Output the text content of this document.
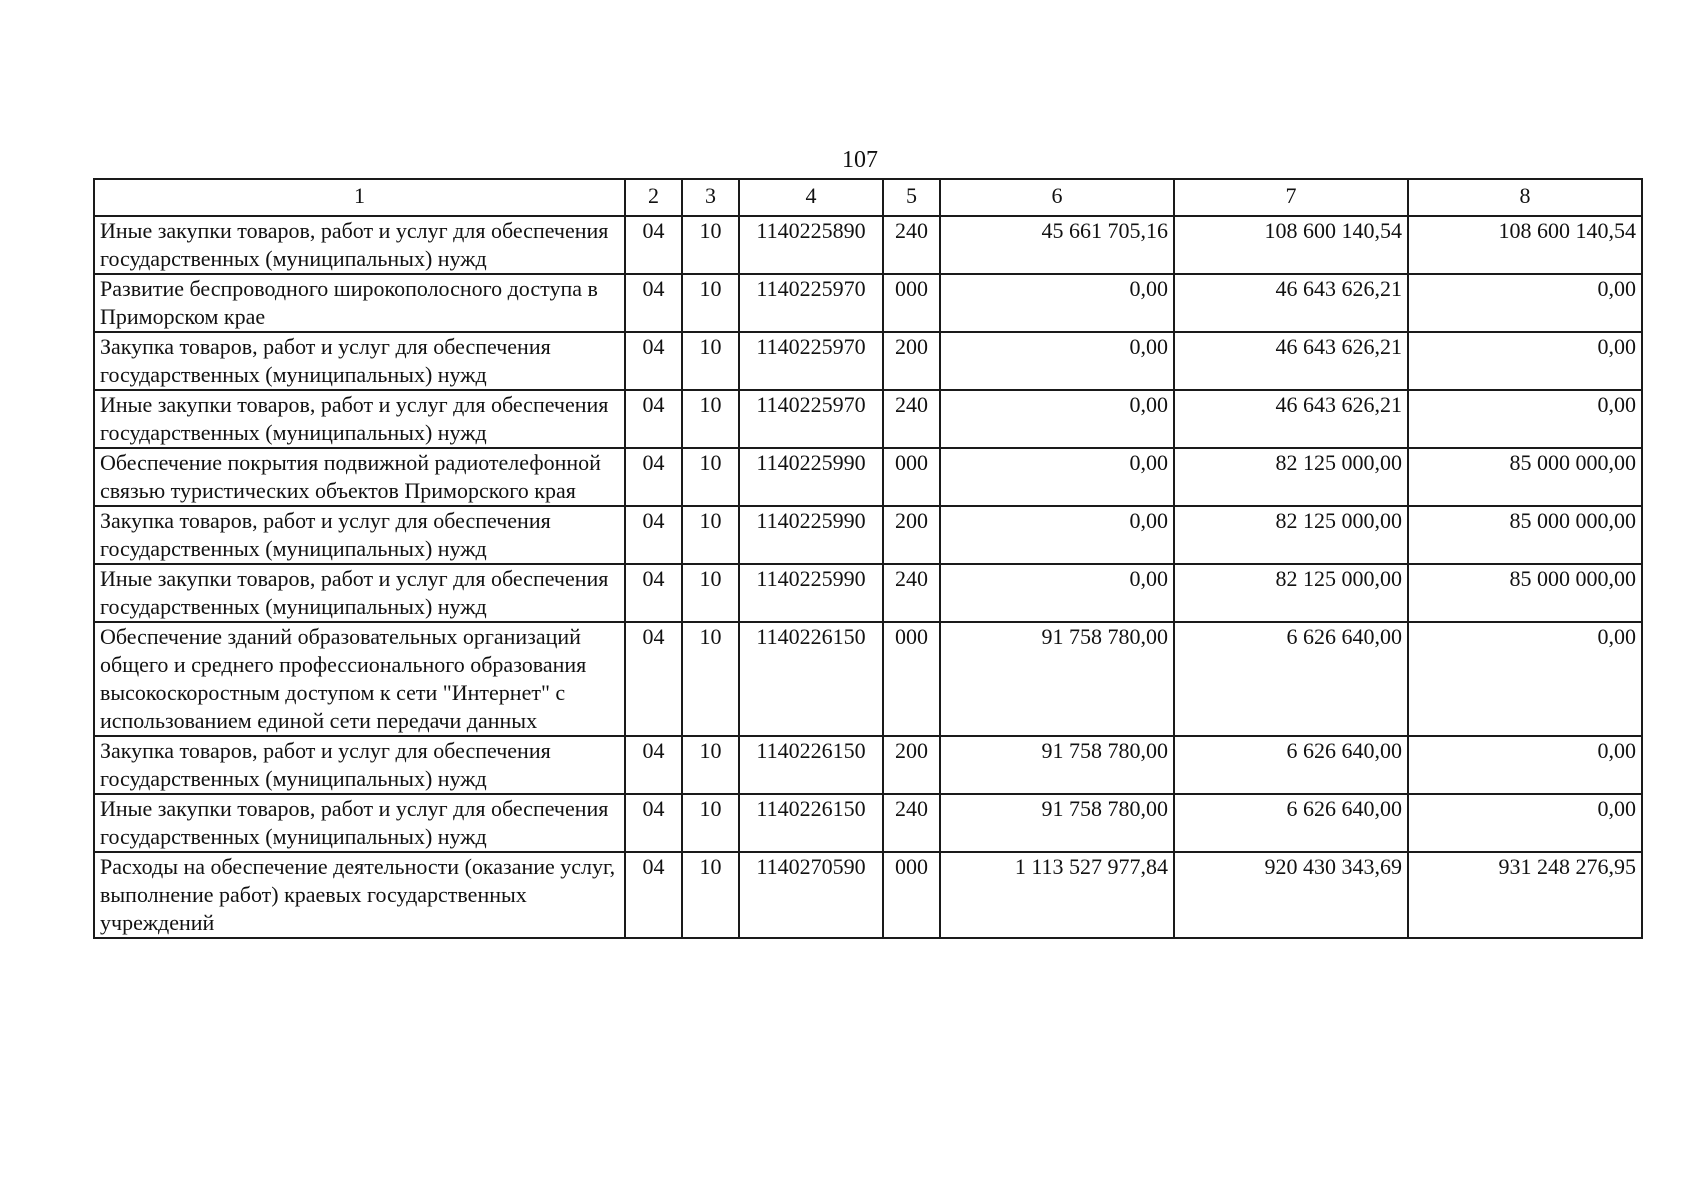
107
1	2	3	4	5	6	7	8
Иные закупки товаров, работ и услуг для обеспечения государственных (муниципальных) нужд	04	10	1140225890	240	45 661 705,16	108 600 140,54	108 600 140,54
Развитие беспроводного широкополосного доступа в Приморском крае	04	10	1140225970	000	0,00	46 643 626,21	0,00
Закупка товаров, работ и услуг для обеспечения государственных (муниципальных) нужд	04	10	1140225970	200	0,00	46 643 626,21	0,00
Иные закупки товаров, работ и услуг для обеспечения государственных (муниципальных) нужд	04	10	1140225970	240	0,00	46 643 626,21	0,00
Обеспечение покрытия подвижной радиотелефонной связью туристических объектов Приморского края	04	10	1140225990	000	0,00	82 125 000,00	85 000 000,00
Закупка товаров, работ и услуг для обеспечения государственных (муниципальных) нужд	04	10	1140225990	200	0,00	82 125 000,00	85 000 000,00
Иные закупки товаров, работ и услуг для обеспечения государственных (муниципальных) нужд	04	10	1140225990	240	0,00	82 125 000,00	85 000 000,00
Обеспечение зданий образовательных организаций общего и среднего профессионального образования высокоскоростным доступом к сети "Интернет" с использованием единой сети передачи данных	04	10	1140226150	000	91 758 780,00	6 626 640,00	0,00
Закупка товаров, работ и услуг для обеспечения государственных (муниципальных) нужд	04	10	1140226150	200	91 758 780,00	6 626 640,00	0,00
Иные закупки товаров, работ и услуг для обеспечения государственных (муниципальных) нужд	04	10	1140226150	240	91 758 780,00	6 626 640,00	0,00
Расходы на обеспечение деятельности (оказание услуг, выполнение работ) краевых государственных учреждений	04	10	1140270590	000	1 113 527 977,84	920 430 343,69	931 248 276,95
